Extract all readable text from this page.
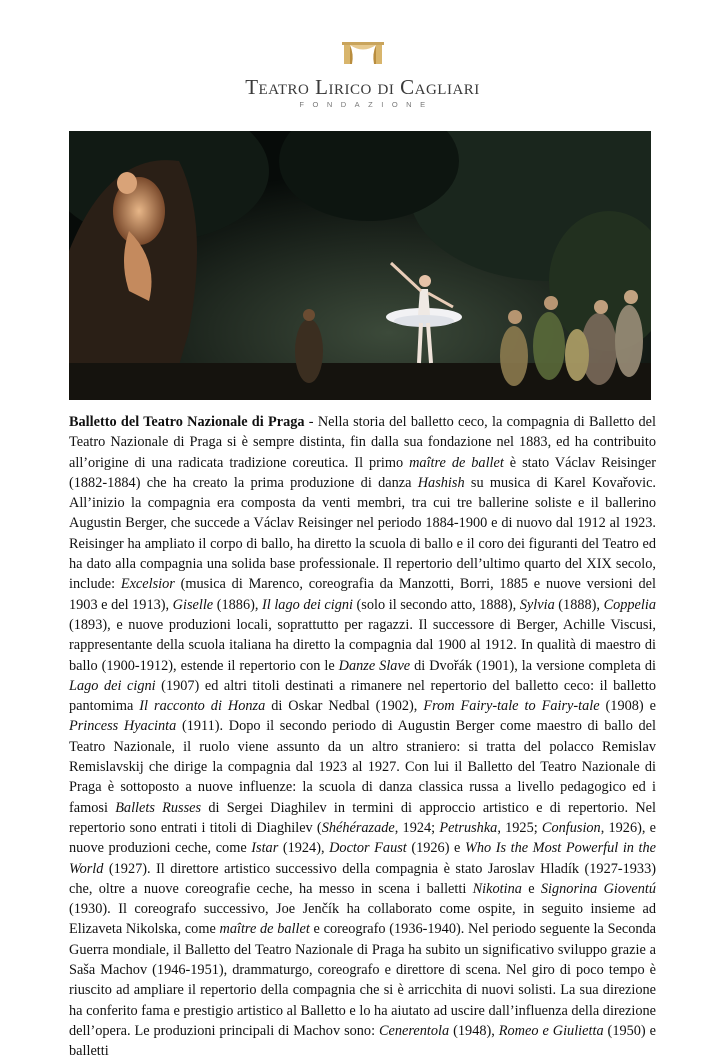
Teatro Lirico di Cagliari
FONDAZIONE

Balletto del Teatro Nazionale di Praga - Nella storia del balletto ceco, la compagnia di Balletto del Teatro Nazionale di Praga si è sempre distinta, fin dalla sua fondazione nel 1883, ed ha contribuito all’origine di una radicata tradizione coreutica. Il primo maître de ballet è stato Václav Reisinger (1882-1884) che ha creato la prima produzione di danza Hashish su musica di Karel Kovařovic. All’inizio la compagnia era composta da venti membri, tra cui tre ballerine soliste e il ballerino Augustin Berger, che succede a Václav Reisinger nel periodo 1884-1900 e di nuovo dal 1912 al 1923. Reisinger ha ampliato il corpo di ballo, ha diretto la scuola di ballo e il coro dei figuranti del Teatro ed ha dato alla compagnia una solida base professionale. Il repertorio dell’ultimo quarto del XIX secolo, include: Excelsior (musica di Marenco, coreografia da Manzotti, Borri, 1885 e nuove versioni del 1903 e del 1913), Giselle (1886), Il lago dei cigni (solo il secondo atto, 1888), Sylvia (1888), Coppelia (1893), e nuove produzioni locali, soprattutto per ragazzi. Il successore di Berger, Achille Viscusi, rappresentante della scuola italiana ha diretto la compagnia dal 1900 al 1912. In qualità di maestro di ballo (1900-1912), estende il repertorio con le Danze Slave di Dvořák (1901), la versione completa di Lago dei cigni (1907) ed altri titoli destinati a rimanere nel repertorio del balletto ceco: il balletto pantomima Il racconto di Honza di Oskar Nedbal (1902), From Fairy-tale to Fairy-tale (1908) e Princess Hyacinta (1911). Dopo il secondo periodo di Augustin Berger come maestro di ballo del Teatro Nazionale, il ruolo viene assunto da un altro straniero: si tratta del polacco Remislav Remislavskij che dirige la compagnia dal 1923 al 1927. Con lui il Balletto del Teatro Nazionale di Praga è sottoposto a nuove influenze: la scuola di danza classica russa a livello pedagogico ed i famosi Ballets Russes di Sergei Diaghilev in termini di approccio artistico e di repertorio. Nel repertorio sono entrati i titoli di Diaghilev (Shéhérazade, 1924; Petrushka, 1925; Confusion, 1926), e nuove produzioni ceche, come Istar (1924), Doctor Faust (1926) e Who Is the Most Powerful in the World (1927). Il direttore artistico successivo della compagnia è stato Jaroslav Hladík (1927-1933) che, oltre a nuove coreografie ceche, ha messo in scena i balletti Nikotina e Signorina Gioventú (1930). Il coreografo successivo, Joe Jenčík ha collaborato come ospite, in seguito insieme ad Elizaveta Nikolska, come maître de ballet e coreografo (1936-1940). Nel periodo seguente la Seconda Guerra mondiale, il Balletto del Teatro Nazionale di Praga ha subito un significativo sviluppo grazie a Saša Machov (1946-1951), drammaturgo, coreografo e direttore di scena. Nel giro di poco tempo è riuscito ad ampliare il repertorio della compagnia che si è arricchita di nuovi solisti. La sua direzione ha conferito fama e prestigio artistico al Balletto e lo ha aiutato ad uscire dall’influenza della direzione dell’opera. Le produzioni principali di Machov sono: Cenerentola (1948), Romeo e Giulietta (1950) e balletti
